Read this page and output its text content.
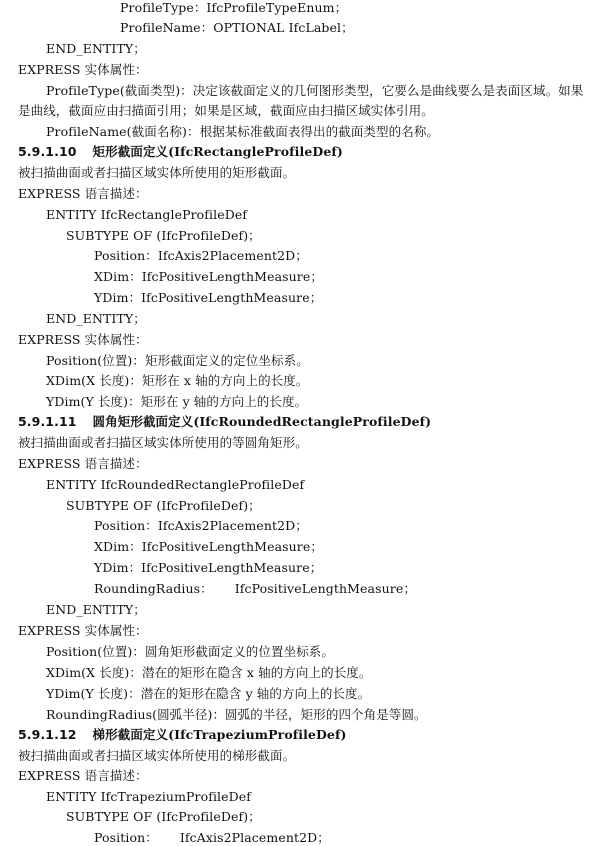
ProfileType：IfcProfileTypeEnum；
ProfileName：OPTIONAL IfcLabel；
END_ENTITY；
EXPRESS 实体属性：
ProfileType(截面类型)：决定该截面定义的几何图形类型，它要么是曲线要么是表面区域。如果
是曲线，截面应由扫描面引用；如果是区域，截面应由扫描区域实体引用。
ProfileName(截面名称)：根据某标准截面表得出的截面类型的名称。
5.9.1.10 矩形截面定义(IfcRectangleProfileDef)
被扫描曲面或者扫描区域实体所使用的矩形截面。
EXPRESS 语言描述：
ENTITY IfcRectangleProfileDef
SUBTYPE OF (IfcProfileDef)；
Position：IfcAxis2Placement2D；
XDim：IfcPositiveLengthMeasure；
YDim：IfcPositiveLengthMeasure；
END_ENTITY；
EXPRESS 实体属性：
Position(位置)：矩形截面定义的定位坐标系。
XDim(X 长度)：矩形在 x 轴的方向上的长度。
YDim(Y 长度)：矩形在 y 轴的方向上的长度。
5.9.1.11 圆角矩形截面定义(IfcRoundedRectangleProfileDef)
被扫描曲面或者扫描区域实体所使用的等圆角矩形。
EXPRESS 语言描述：
ENTITY IfcRoundedRectangleProfileDef
SUBTYPE OF (IfcProfileDef)；
Position：IfcAxis2Placement2D；
XDim：IfcPositiveLengthMeasure；
YDim：IfcPositiveLengthMeasure；
RoundingRadius： IfcPositiveLengthMeasure；
END_ENTITY；
EXPRESS 实体属性：
Position(位置)：圆角矩形截面定义的位置坐标系。
XDim(X 长度)：潜在的矩形在隐含 x 轴的方向上的长度。
YDim(Y 长度)：潜在的矩形在隐含 y 轴的方向上的长度。
RoundingRadius(圆弧半径)：圆弧的半径，矩形的四个角是等圆。
5.9.1.12 梯形截面定义(IfcTrapeziumProfileDef)
被扫描曲面或者扫描区域实体所使用的梯形截面。
EXPRESS 语言描述：
ENTITY IfcTrapeziumProfileDef
SUBTYPE OF (IfcProfileDef)；
Position： IfcAxis2Placement2D；
